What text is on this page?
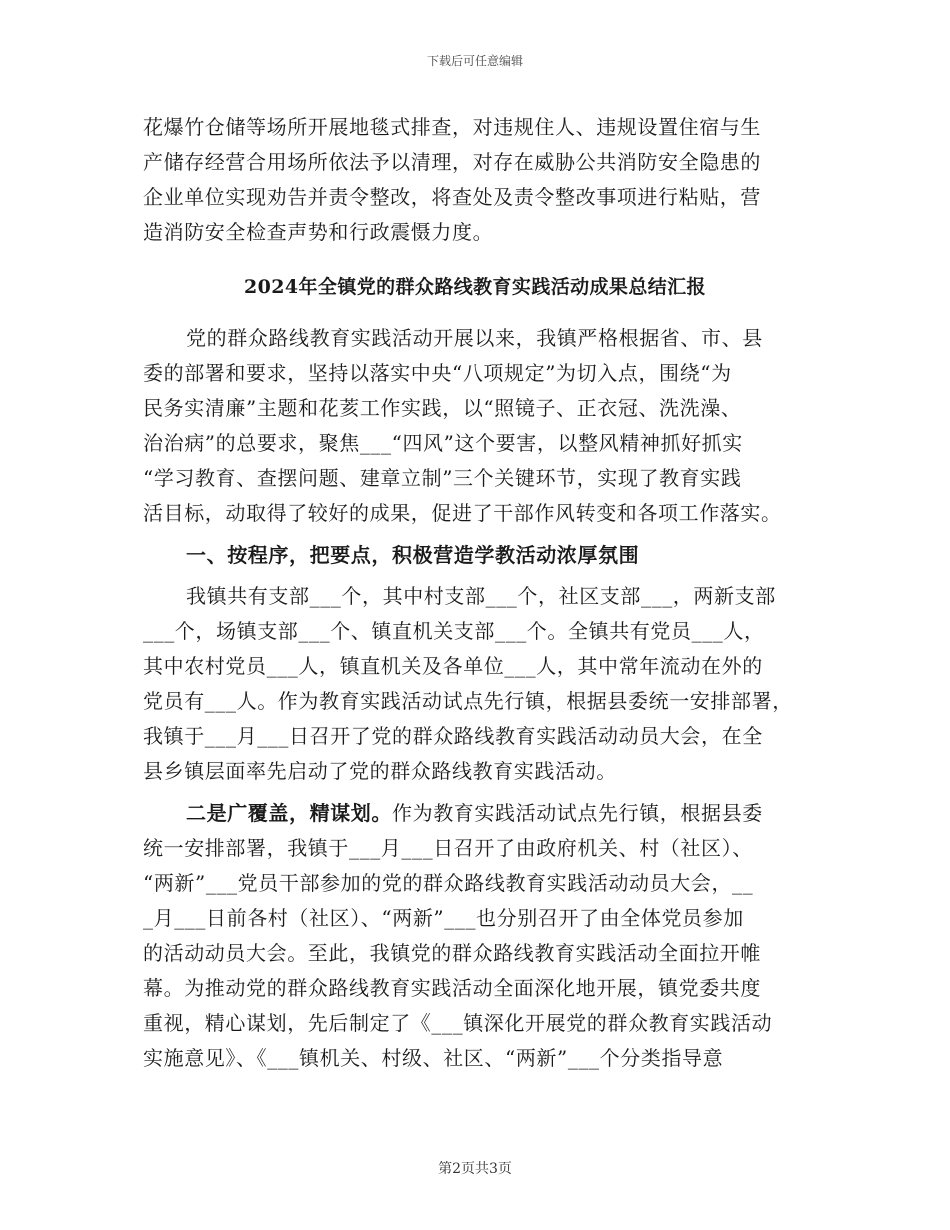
下载后可任意编辑
花爆竹仓储等场所开展地毯式排查，对违规住人、违规设置住宿与生
产储存经营合用场所依法予以清理，对存在威胁公共消防安全隐患的
企业单位实现劝告并责令整改，将查处及责令整改事项进行粘贴，营
造消防安全检查声势和行政震慑力度。
2024年全镇党的群众路线教育实践活动成果总结汇报
党的群众路线教育实践活动开展以来，我镇严格根据省、市、县
委的部署和要求，坚持以落实中央“八项规定”为切入点，围绕“为
民务实清廉”主题和花荄工作实践，以“照镜子、正衣冠、洗洗澡、
治治病”的总要求，聚焦___“四风”这个要害，以整风精神抓好抓实
“学习教育、查摆问题、建章立制”三个关键环节，实现了教育实践
活目标，动取得了较好的成果，促进了干部作风转变和各项工作落实。
一、按程序，把要点，积极营造学教活动浓厚氛围
我镇共有支部___个，其中村支部___个，社区支部___，两新支部
___个，场镇支部___个、镇直机关支部___个。全镇共有党员___人，
其中农村党员___人，镇直机关及各单位___人，其中常年流动在外的
党员有___人。作为教育实践活动试点先行镇，根据县委统一安排部署，
我镇于___月___日召开了党的群众路线教育实践活动动员大会，在全
县乡镇层面率先启动了党的群众路线教育实践活动。
二是广覆盖，精谋划。作为教育实践活动试点先行镇，根据县委
统一安排部署，我镇于___月___日召开了由政府机关、村（社区）、
“两新”___党员干部参加的党的群众路线教育实践活动动员大会，__
_月___日前各村（社区）、“两新”___也分别召开了由全体党员参加
的活动动员大会。至此，我镇党的群众路线教育实践活动全面拉开帷
幕。为推动党的群众路线教育实践活动全面深化地开展，镇党委共度
重视，精心谋划，先后制定了《___镇深化开展党的群众教育实践活动
实施意见》、《___镇机关、村级、社区、“两新”___个分类指导意
第2页共3页
